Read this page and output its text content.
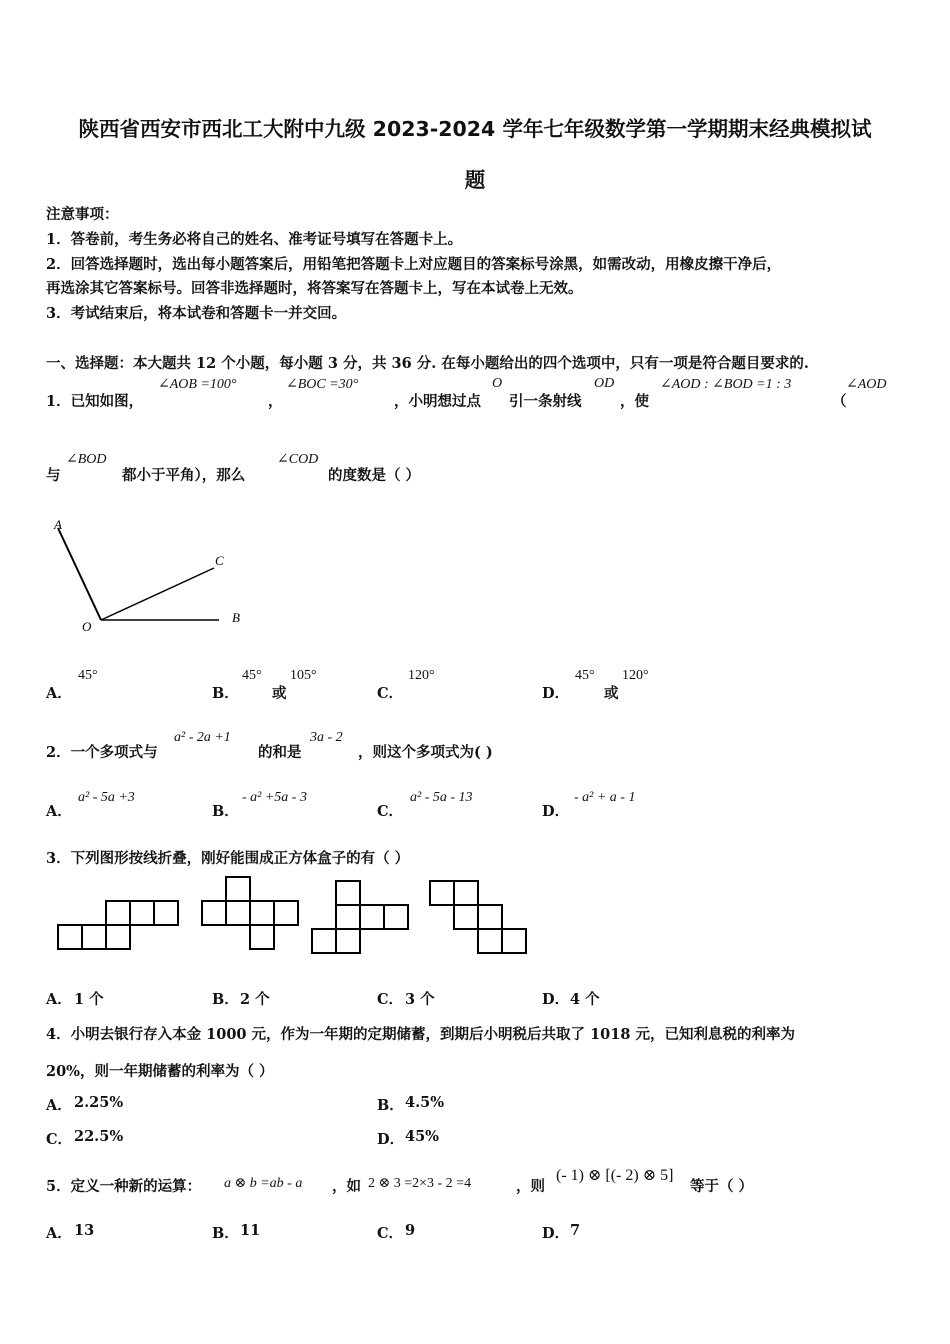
陕西省西安市西北工大附中九级 2023-2024 学年七年级数学第一学期期末经典模拟试
题
注意事项：
1．答卷前，考生务必将自己的姓名、准考证号填写在答题卡上。
2．回答选择题时，选出每小题答案后，用铅笔把答题卡上对应题目的答案标号涂黑，如需改动，用橡皮擦干净后，
再选涂其它答案标号。回答非选择题时，将答案写在答题卡上，写在本试卷上无效。
3．考试结束后，将本试卷和答题卡一并交回。
一、选择题：本大题共 12 个小题，每小题 3 分，共 36 分. 在每小题给出的四个选项中，只有一项是符合题目要求的.
1．已知如图，
∠AOB =100°
，
∠BOC =30°
，小明想过点
O
引一条射线
OD
，使
∠AOD : ∠BOD =1 : 3
（
∠AOD
与
∠BOD
都小于平角），那么
∠COD
的度数是（ ）
A
C
O
B
A．
45°
B．
45°
或
105°
C．
120°
D．
45°
或
120°
2．一个多项式与
a² - 2a +1
的和是
3a - 2
，则这个多项式为( )
A．
a² - 5a +3
B．
- a² +5a - 3
C．
a² - 5a - 13
D．
- a² + a - 1
3．下列图形按线折叠，刚好能围成正方体盒子的有（ ）
A． 1 个	B． 2 个	C． 3 个	D． 4 个
4．小明去银行存入本金 1000 元，作为一年期的定期储蓄，到期后小明税后共取了 1018 元，已知利息税的利率为
20%，则一年期储蓄的利率为（ ）
A． 2.25%	B． 4.5%
C． 22.5%	D． 45%
5．定义一种新的运算： a ⊗ b =ab - a ，如 2 ⊗ 3 =2×3 - 2 =4	，则
(- 1) ⊗ [(- 2) ⊗ 5]
等于（ ）
A． 13	B． 11	C． 9	D． 7
